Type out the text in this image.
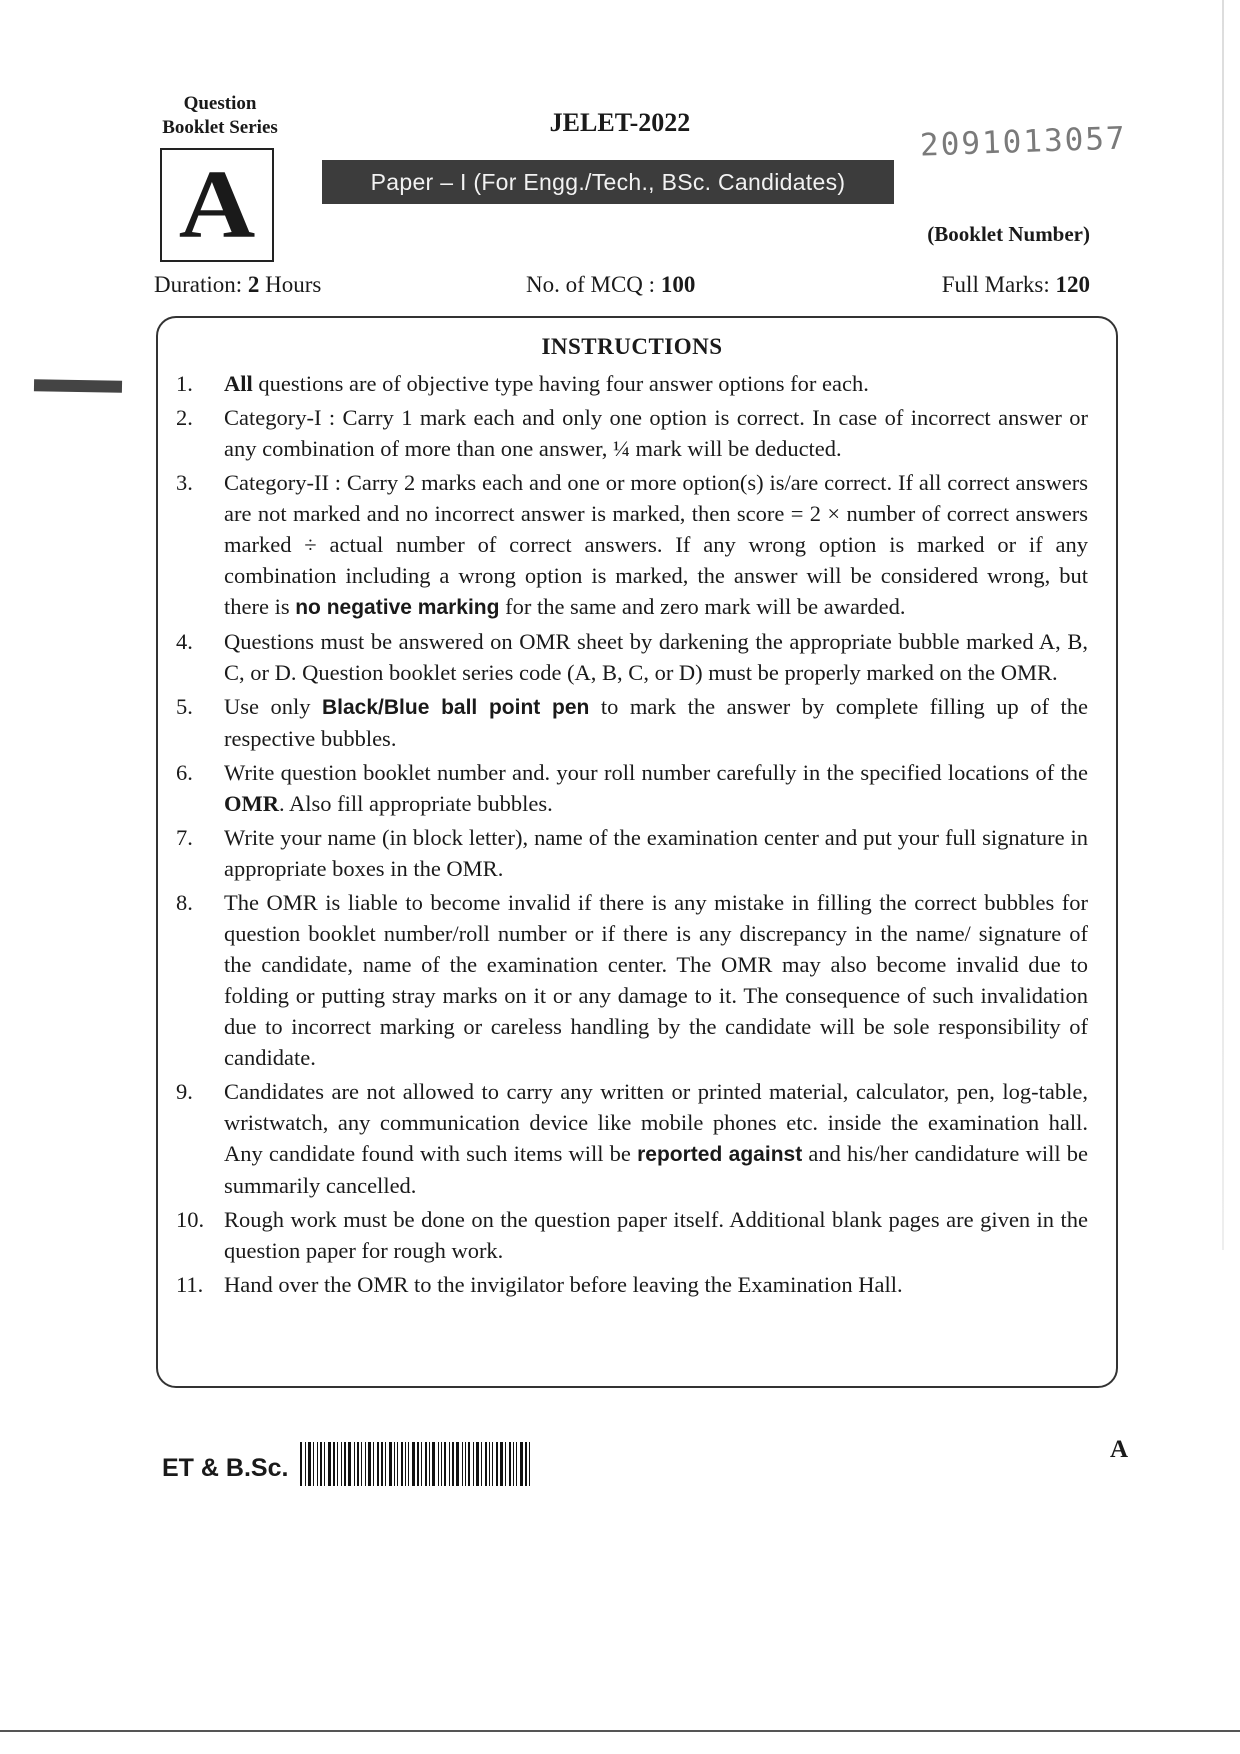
Question
Booklet Series
A
JELET-2022
Paper – I (For Engg./Tech., BSc. Candidates)
2091013057
(Booklet Number)
Duration: 2 Hours	No. of MCQ : 100	Full Marks: 120
INSTRUCTIONS
1.	All questions are of objective type having four answer options for each.
2.	Category-I : Carry 1 mark each and only one option is correct. In case of incorrect answer or any combination of more than one answer, ¼ mark will be deducted.
3.	Category-II : Carry 2 marks each and one or more option(s) is/are correct. If all correct answers are not marked and no incorrect answer is marked, then score = 2 × number of correct answers marked ÷ actual number of correct answers. If any wrong option is marked or if any combination including a wrong option is marked, the answer will be considered wrong, but there is no negative marking for the same and zero mark will be awarded.
4.	Questions must be answered on OMR sheet by darkening the appropriate bubble marked A, B, C, or D. Question booklet series code (A, B, C, or D) must be properly marked on the OMR.
5.	Use only Black/Blue ball point pen to mark the answer by complete filling up of the respective bubbles.
6.	Write question booklet number and. your roll number carefully in the specified locations of the OMR. Also fill appropriate bubbles.
7.	Write your name (in block letter), name of the examination center and put your full signature in appropriate boxes in the OMR.
8.	The OMR is liable to become invalid if there is any mistake in filling the correct bubbles for question booklet number/roll number or if there is any discrepancy in the name/ signature of the candidate, name of the examination center. The OMR may also become invalid due to folding or putting stray marks on it or any damage to it. The consequence of such invalidation due to incorrect marking or careless handling by the candidate will be sole responsibility of candidate.
9.	Candidates are not allowed to carry any written or printed material, calculator, pen, log-table, wristwatch, any communication device like mobile phones etc. inside the examination hall. Any candidate found with such items will be reported against and his/her candidature will be summarily cancelled.
10. Rough work must be done on the question paper itself. Additional blank pages are given in the question paper for rough work.
11. Hand over the OMR to the invigilator before leaving the Examination Hall.
ET & B.Sc.
A
